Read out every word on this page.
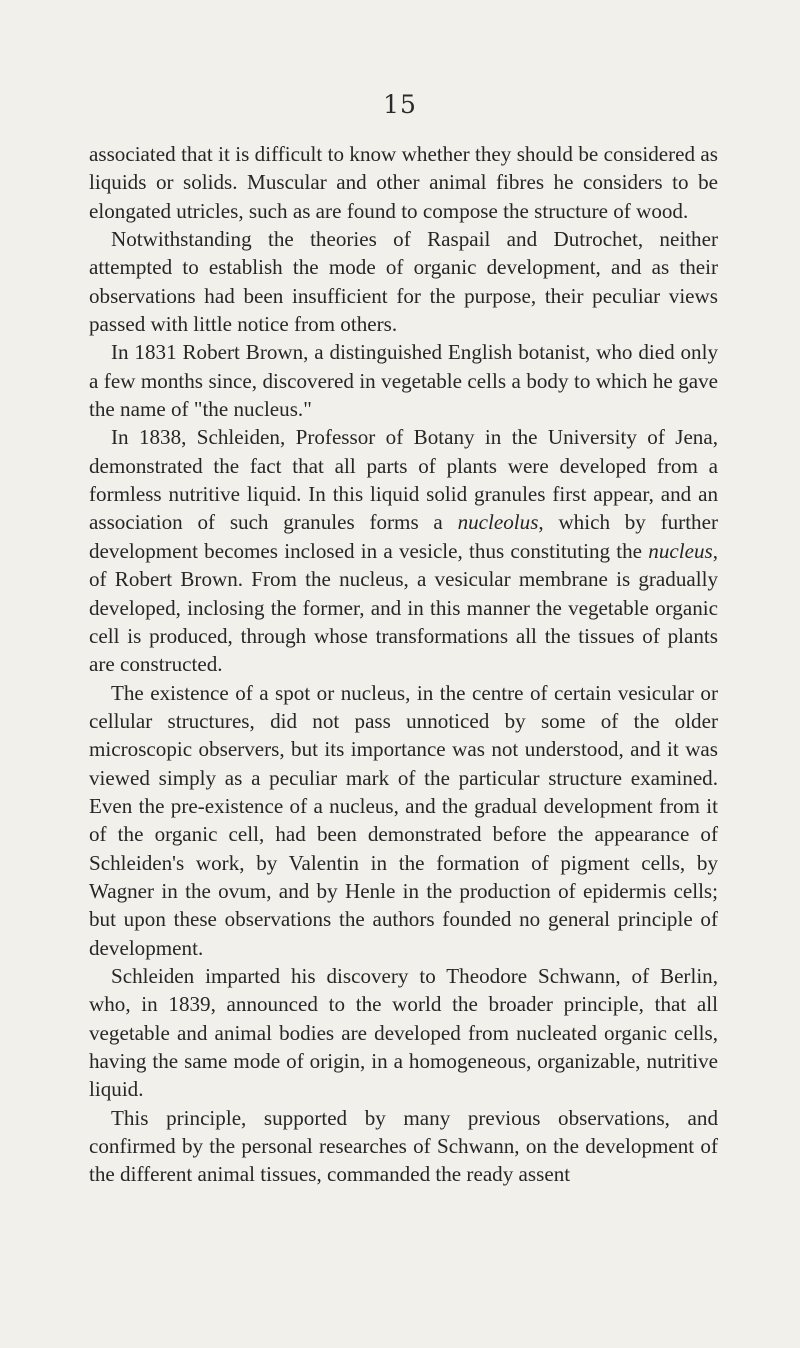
15

associated that it is difficult to know whether they should be considered as liquids or solids. Muscular and other animal fibres he considers to be elongated utricles, such as are found to compose the structure of wood.

Notwithstanding the theories of Raspail and Dutrochet, neither attempted to establish the mode of organic development, and as their observations had been insufficient for the purpose, their peculiar views passed with little notice from others.

In 1831 Robert Brown, a distinguished English botanist, who died only a few months since, discovered in vegetable cells a body to which he gave the name of "the nucleus."

In 1838, Schleiden, Professor of Botany in the University of Jena, demonstrated the fact that all parts of plants were developed from a formless nutritive liquid. In this liquid solid granules first appear, and an association of such granules forms a nucleolus, which by further development becomes inclosed in a vesicle, thus constituting the nucleus, of Robert Brown. From the nucleus, a vesicular membrane is gradually developed, inclosing the former, and in this manner the vegetable organic cell is produced, through whose transformations all the tissues of plants are constructed.

The existence of a spot or nucleus, in the centre of certain vesicular or cellular structures, did not pass unnoticed by some of the older microscopic observers, but its importance was not understood, and it was viewed simply as a peculiar mark of the particular structure examined. Even the pre-existence of a nucleus, and the gradual development from it of the organic cell, had been demonstrated before the appearance of Schleiden's work, by Valentin in the formation of pigment cells, by Wagner in the ovum, and by Henle in the production of epidermis cells; but upon these observations the authors founded no general principle of development.

Schleiden imparted his discovery to Theodore Schwann, of Berlin, who, in 1839, announced to the world the broader principle, that all vegetable and animal bodies are developed from nucleated organic cells, having the same mode of origin, in a homogeneous, organizable, nutritive liquid.

This principle, supported by many previous observations, and confirmed by the personal researches of Schwann, on the development of the different animal tissues, commanded the ready assent
